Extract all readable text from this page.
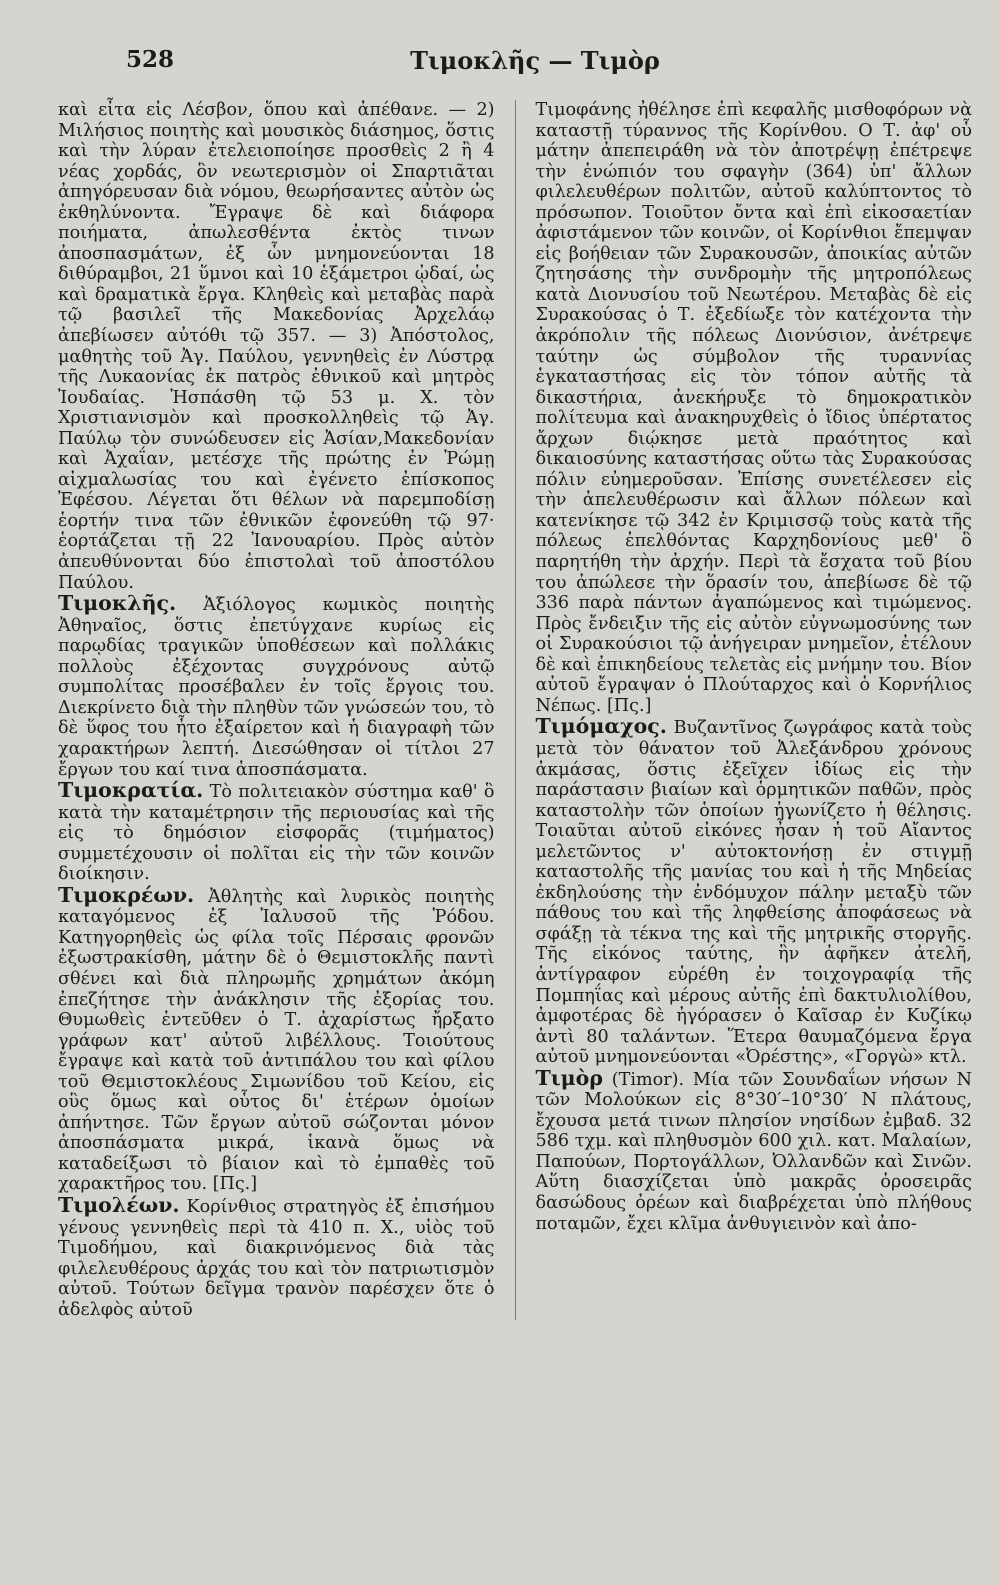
528	Τιμοκλῆς — Τιμὸρ

καὶ εἶτα εἰς Λέσβον, ὅπου καὶ ἀπέθανε. — 2) Μιλήσιος ποιητὴς καὶ μουσικὸς διάσημος, ὅστις καὶ τὴν λύραν ἐτελειοποίησε προσθεὶς 2 ἢ 4 νέας χορδάς, ὃν νεωτερισμὸν οἱ Σπαρτιᾶται ἀπηγόρευσαν διὰ νόμου, θεωρήσαντες αὐτὸν ὡς ἐκθηλύνοντα. Ἔγραψε δὲ καὶ διάφορα ποιήματα, ἀπωλεσθέντα ἐκτὸς τινων ἀποσπασμάτων, ἐξ ὧν μνημονεύονται 18 διθύραμβοι, 21 ὕμνοι καὶ 10 ἑξάμετροι ᾠδαί, ὡς καὶ δραματικὰ ἔργα. Κληθεὶς καὶ μεταβὰς παρὰ τῷ βασιλεῖ τῆς Μακεδονίας Ἀρχελάῳ ἀπεβίωσεν αὐτόθι τῷ 357. — 3) Ἀπόστολος, μαθητὴς τοῦ Ἀγ. Παύλου, γεννηθεὶς ἐν Λύστρᾳ τῆς Λυκαονίας ἐκ πατρὸς ἐθνικοῦ καὶ μητρὸς Ἰουδαίας. Ἠσπάσθη τῷ 53 μ. Χ. τὸν Χριστιανισμὸν καὶ προσκολληθεὶς τῷ Ἀγ. Παύλῳ τὸν συνώδευσεν εἰς Ἀσίαν,Μακεδονίαν καὶ Ἀχαΐαν, μετέσχε τῆς πρώτης ἐν Ῥώμῃ αἰχμαλωσίας του καὶ ἐγένετο ἐπίσκοπος Ἐφέσου. Λέγεται ὅτι θέλων νὰ παρεμποδίσῃ ἑορτήν τινα τῶν ἐθνικῶν ἐφονεύθη τῷ 97· ἑορτάζεται τῇ 22 Ἰανουαρίου. Πρὸς αὐτὸν ἀπευθύνονται δύο ἐπιστολαὶ τοῦ ἀποστόλου Παύλου.

Τιμοκλῆς. Ἀξιόλογος κωμικὸς ποιητὴς Ἀθηναῖος, ὅστις ἐπετύγχανε κυρίως εἰς παρῳδίας τραγικῶν ὑποθέσεων καὶ πολλάκις πολλοὺς ἐξέχοντας συγχρόνους αὐτῷ συμπολίτας προσέβαλεν ἐν τοῖς ἔργοις του. Διεκρίνετο διὰ τὴν πληθὺν τῶν γνώσεών του, τὸ δὲ ὕφος του ἦτο ἐξαίρετον καὶ ἡ διαγραφὴ τῶν χαρακτήρων λεπτή. Διεσώθησαν οἱ τίτλοι 27 ἔργων του καί τινα ἀποσπάσματα.

Τιμοκρατία. Τὸ πολιτειακὸν σύστημα καθ' ὃ κατὰ τὴν καταμέτρησιν τῆς περιουσίας καὶ τῆς εἰς τὸ δημόσιον εἰσφορᾶς (τιμήματος) συμμετέχουσιν οἱ πολῖται εἰς τὴν τῶν κοινῶν διοίκησιν.

Τιμοκρέων. Ἀθλητὴς καὶ λυρικὸς ποιητὴς καταγόμενος ἐξ Ἰαλυσοῦ τῆς Ῥόδου. Κατηγορηθεὶς ὡς φίλα τοῖς Πέρσαις φρονῶν ἐξωστρακίσθη, μάτην δὲ ὁ Θεμιστοκλῆς παντὶ σθένει καὶ διὰ πληρωμῆς χρημάτων ἀκόμη ἐπεζήτησε τὴν ἀνάκλησιν τῆς ἐξορίας του. Θυμωθεὶς ἐντεῦθεν ὁ Τ. ἀχαρίστως ἤρξατο γράφων κατ' αὐτοῦ λιβέλλους. Τοιούτους ἔγραψε καὶ κατὰ τοῦ ἀντιπάλου του καὶ φίλου τοῦ Θεμιστοκλέους Σιμωνίδου τοῦ Κείου, εἰς οὓς ὅμως καὶ οὗτος δι' ἑτέρων ὁμοίων ἀπήντησε. Τῶν ἔργων αὐτοῦ σώζονται μόνον ἀποσπάσματα μικρά, ἱκανὰ ὅμως νὰ καταδείξωσι τὸ βίαιον καὶ τὸ ἐμπαθὲς τοῦ χαρακτῆρος του. [Πς.]

Τιμολέων. Κορίνθιος στρατηγὸς ἐξ ἐπισήμου γένους γεννηθεὶς περὶ τὰ 410 π. Χ., υἱὸς τοῦ Τιμοδήμου, καὶ διακρινόμενος διὰ τὰς φιλελευθέρους ἀρχάς του καὶ τὸν πατριωτισμὸν αὐτοῦ. Τούτων δεῖγμα τρανὸν παρέσχεν ὅτε ὁ ἀδελφὸς αὐτοῦ

Τιμοφάνης ἠθέλησε ἐπὶ κεφαλῆς μισθοφόρων νὰ καταστῇ τύραννος τῆς Κορίνθου. Ο Τ. ἀφ' οὗ μάτην ἀπεπειράθη νὰ τὸν ἀποτρέψῃ ἐπέτρεψε τὴν ἐνώπιόν του σφαγὴν (364) ὑπ' ἄλλων φιλελευθέρων πολιτῶν, αὐτοῦ καλύπτοντος τὸ πρόσωπον. Τοιοῦτον ὄντα καὶ ἐπὶ εἰκοσαετίαν ἀφιστάμενον τῶν κοινῶν, οἱ Κορίνθιοι ἔπεμψαν εἰς βοήθειαν τῶν Συρακουσῶν, ἀποικίας αὐτῶν ζητησάσης τὴν συνδρομὴν τῆς μητροπόλεως κατὰ Διονυσίου τοῦ Νεωτέρου. Μεταβὰς δὲ εἰς Συρακούσας ὁ Τ. ἐξεδίωξε τὸν κατέχοντα τὴν ἀκρόπολιν τῆς πόλεως Διονύσιον, ἀνέτρεψε ταύτην ὡς σύμβολον τῆς τυραννίας ἐγκαταστήσας εἰς τὸν τόπον αὐτῆς τὰ δικαστήρια, ἀνεκήρυξε τὸ δημοκρατικὸν πολίτευμα καὶ ἀνακηρυχθεὶς ὁ ἴδιος ὑπέρτατος ἄρχων διῴκησε μετὰ πραότητος καὶ δικαιοσύνης καταστήσας οὕτω τὰς Συρακούσας πόλιν εὐημεροῦσαν. Ἐπίσης συνετέλεσεν εἰς τὴν ἀπελευθέρωσιν καὶ ἄλλων πόλεων καὶ κατενίκησε τῷ 342 ἐν Κριμισσῷ τοὺς κατὰ τῆς πόλεως ἐπελθόντας Καρχηδονίους μεθ' ὃ παρητήθη τὴν ἀρχήν. Περὶ τὰ ἔσχατα τοῦ βίου του ἀπώλεσε τὴν ὅρασίν του, ἀπεβίωσε δὲ τῷ 336 παρὰ πάντων ἀγαπώμενος καὶ τιμώμενος. Πρὸς ἔνδειξιν τῆς εἰς αὐτὸν εὐγνωμοσύνης των οἱ Συρακούσιοι τῷ ἀνήγειραν μνημεῖον, ἐτέλουν δὲ καὶ ἐπικηδείους τελετὰς εἰς μνήμην του. Βίον αὐτοῦ ἔγραψαν ὁ Πλούταρχος καὶ ὁ Κορνήλιος Νέπως. [Πς.]

Τιμόμαχος. Βυζαντῖνος ζωγράφος κατὰ τοὺς μετὰ τὸν θάνατον τοῦ Ἀλεξάνδρου χρόνους ἀκμάσας, ὅστις ἐξεῖχεν ἰδίως εἰς τὴν παράστασιν βιαίων καὶ ὁρμητικῶν παθῶν, πρὸς καταστολὴν τῶν ὁποίων ἠγωνίζετο ἡ θέλησις. Τοιαῦται αὐτοῦ εἰκόνες ἦσαν ἡ τοῦ Αἴαντος μελετῶντος ν' αὐτοκτονήσῃ ἐν στιγμῇ καταστολῆς τῆς μανίας του καὶ ἡ τῆς Μηδείας ἐκδηλούσης τὴν ἐνδόμυχον πάλην μεταξὺ τῶν πάθους του καὶ τῆς ληφθείσης ἀποφάσεως νὰ σφάξῃ τὰ τέκνα της καὶ τῆς μητρικῆς στοργῆς. Τῆς εἰκόνος ταύτης, ἣν ἀφῆκεν ἀτελῆ, ἀντίγραφον εὑρέθη ἐν τοιχογραφίᾳ τῆς Πομπηΐας καὶ μέρους αὐτῆς ἐπὶ δακτυλιολίθου, ἀμφοτέρας δὲ ἠγόρασεν ὁ Καῖσαρ ἐν Κυζίκῳ ἀντὶ 80 ταλάντων. Ἕτερα θαυμαζόμενα ἔργα αὐτοῦ μνημονεύονται «Ὀρέστης», «Γοργὼ» κτλ.

Τιμὸρ (Timor). Μία τῶν Σουνδαΐων νήσων Ν τῶν Μολούκων εἰς 8°30′–10°30′ Ν πλάτους, ἔχουσα μετά τινων πλησίον νησίδων ἐμβαδ. 32 586 τχμ. καὶ πληθυσμὸν 600 χιλ. κατ. Μαλαίων, Παπούων, Πορτογάλλων, Ὀλλανδῶν καὶ Σινῶν. Αὕτη διασχίζεται ὑπὸ μακρᾶς ὀροσειρᾶς δασώδους ὀρέων καὶ διαβρέχεται ὑπὸ πλήθους ποταμῶν, ἔχει κλῖμα ἀνθυγιεινὸν καὶ ἀπο-
